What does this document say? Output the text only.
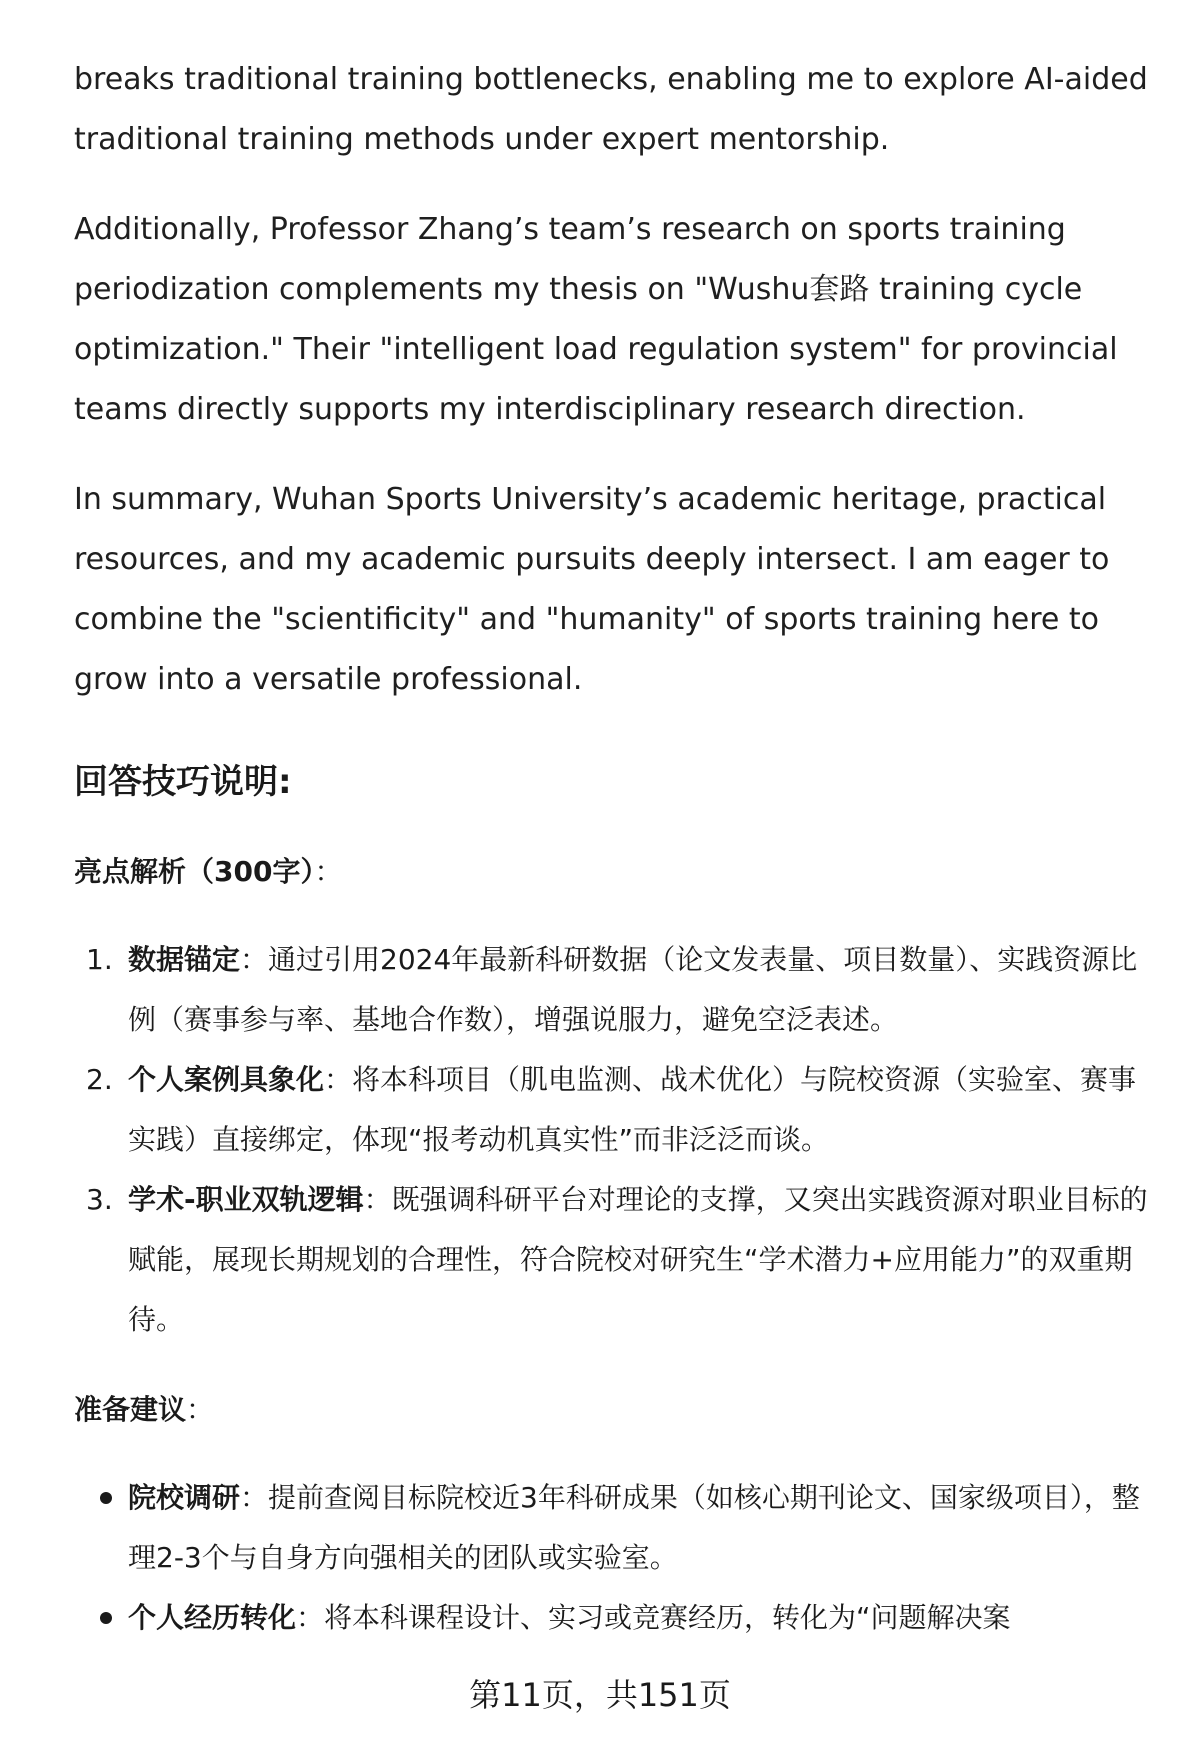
breaks traditional training bottlenecks, enabling me to explore AI-aided traditional training methods under expert mentorship.

Additionally, Professor Zhang’s team’s research on sports training periodization complements my thesis on "Wushu套路 training cycle optimization." Their "intelligent load regulation system" for provincial teams directly supports my interdisciplinary research direction.

In summary, Wuhan Sports University’s academic heritage, practical resources, and my academic pursuits deeply intersect. I am eager to combine the "scientificity" and "humanity" of sports training here to grow into a versatile professional.

回答技巧说明:
亮点解析（300字）：
1. 数据锚定：通过引用2024年最新科研数据（论文发表量、项目数量）、实践资源比例（赛事参与率、基地合作数），增强说服力，避免空泛表述。
2. 个人案例具象化：将本科项目（肌电监测、战术优化）与院校资源（实验室、赛事实践）直接绑定，体现“报考动机真实性”而非泛泛而谈。
3. 学术-职业双轨逻辑：既强调科研平台对理论的支撑，又突出实践资源对职业目标的赋能，展现长期规划的合理性，符合院校对研究生“学术潜力+应用能力”的双重期待。
准备建议：
院校调研：提前查阅目标院校近3年科研成果（如核心期刊论文、国家级项目），整理2-3个与自身方向强相关的团队或实验室。
个人经历转化：将本科课程设计、实习或竞赛经历，转化为“问题解决案
第11页，共151页
